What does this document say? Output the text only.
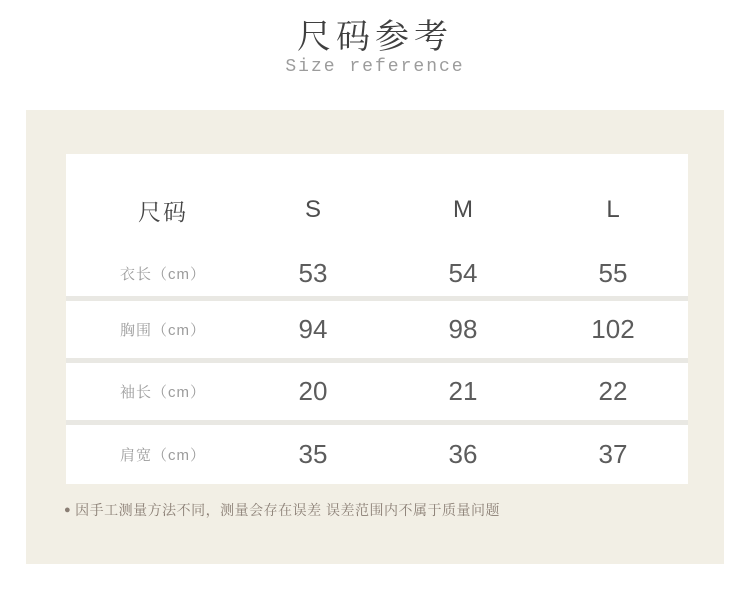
尺码参考
Size reference
尺码	S	M	L
衣长（cm）	53	54	55
胸围（cm）	94	98	102
袖长（cm）	20	21	22
肩宽（cm）	35	36	37
● 因手工测量方法不同，测量会存在误差 误差范围内不属于质量问题
